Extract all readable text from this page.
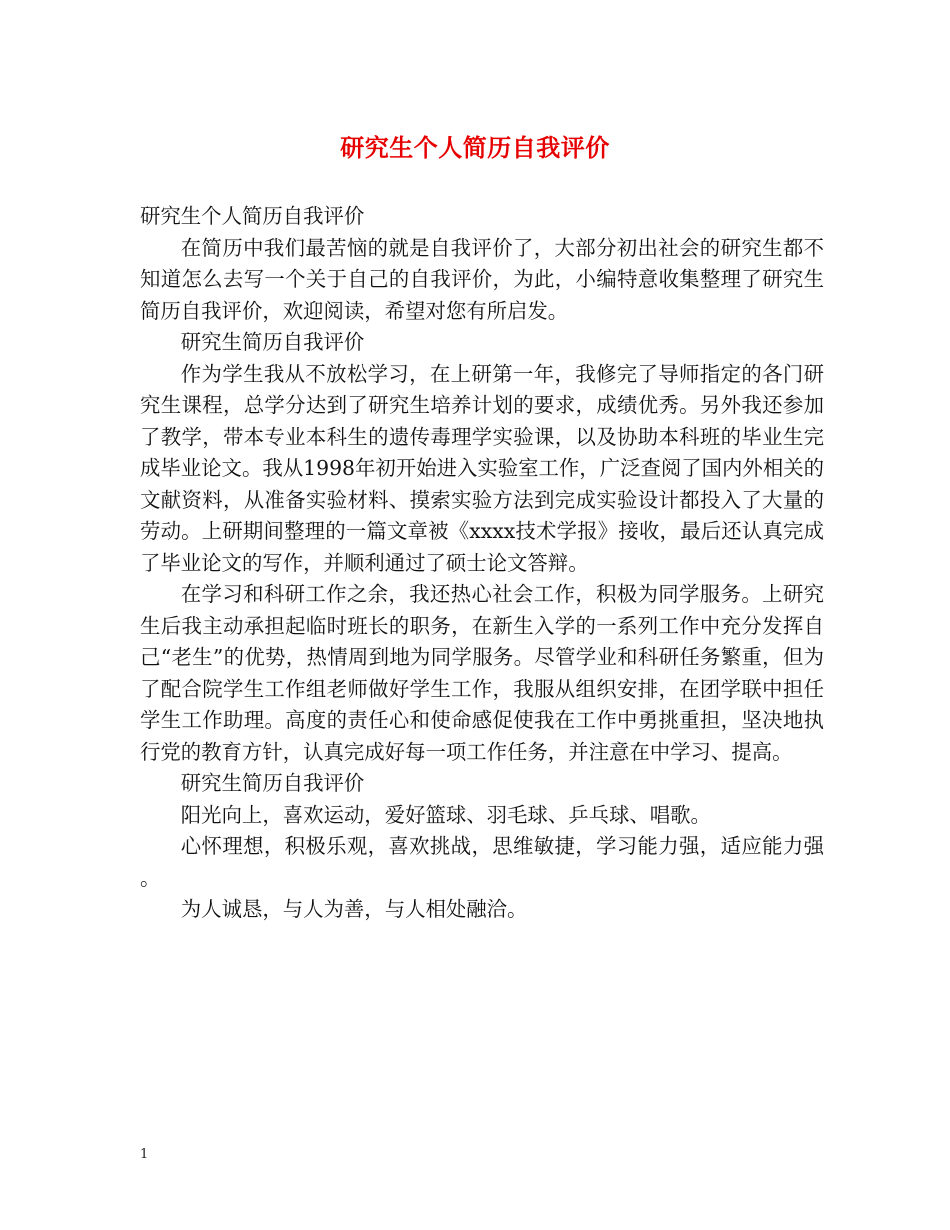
研究生个人简历自我评价

研究生个人简历自我评价

在简历中我们最苦恼的就是自我评价了，大部分初出社会的研究生都不知道怎么去写一个关于自己的自我评价，为此，小编特意收集整理了研究生简历自我评价，欢迎阅读，希望对您有所启发。

研究生简历自我评价

作为学生我从不放松学习，在上研第一年，我修完了导师指定的各门研究生课程，总学分达到了研究生培养计划的要求，成绩优秀。另外我还参加了教学，带本专业本科生的遗传毒理学实验课，以及协助本科班的毕业生完成毕业论文。我从1998年初开始进入实验室工作，广泛查阅了国内外相关的文献资料，从准备实验材料、摸索实验方法到完成实验设计都投入了大量的劳动。上研期间整理的一篇文章被《xxxx技术学报》接收，最后还认真完成了毕业论文的写作，并顺利通过了硕士论文答辩。

在学习和科研工作之余，我还热心社会工作，积极为同学服务。上研究生后我主动承担起临时班长的职务，在新生入学的一系列工作中充分发挥自己“老生”的优势，热情周到地为同学服务。尽管学业和科研任务繁重，但为了配合院学生工作组老师做好学生工作，我服从组织安排，在团学联中担任学生工作助理。高度的责任心和使命感促使我在工作中勇挑重担，坚决地执行党的教育方针，认真完成好每一项工作任务，并注意在中学习、提高。

研究生简历自我评价

阳光向上，喜欢运动，爱好篮球、羽毛球、乒乓球、唱歌。

心怀理想，积极乐观，喜欢挑战，思维敏捷，学习能力强，适应能力强。

为人诚恳，与人为善，与人相处融洽。

1
